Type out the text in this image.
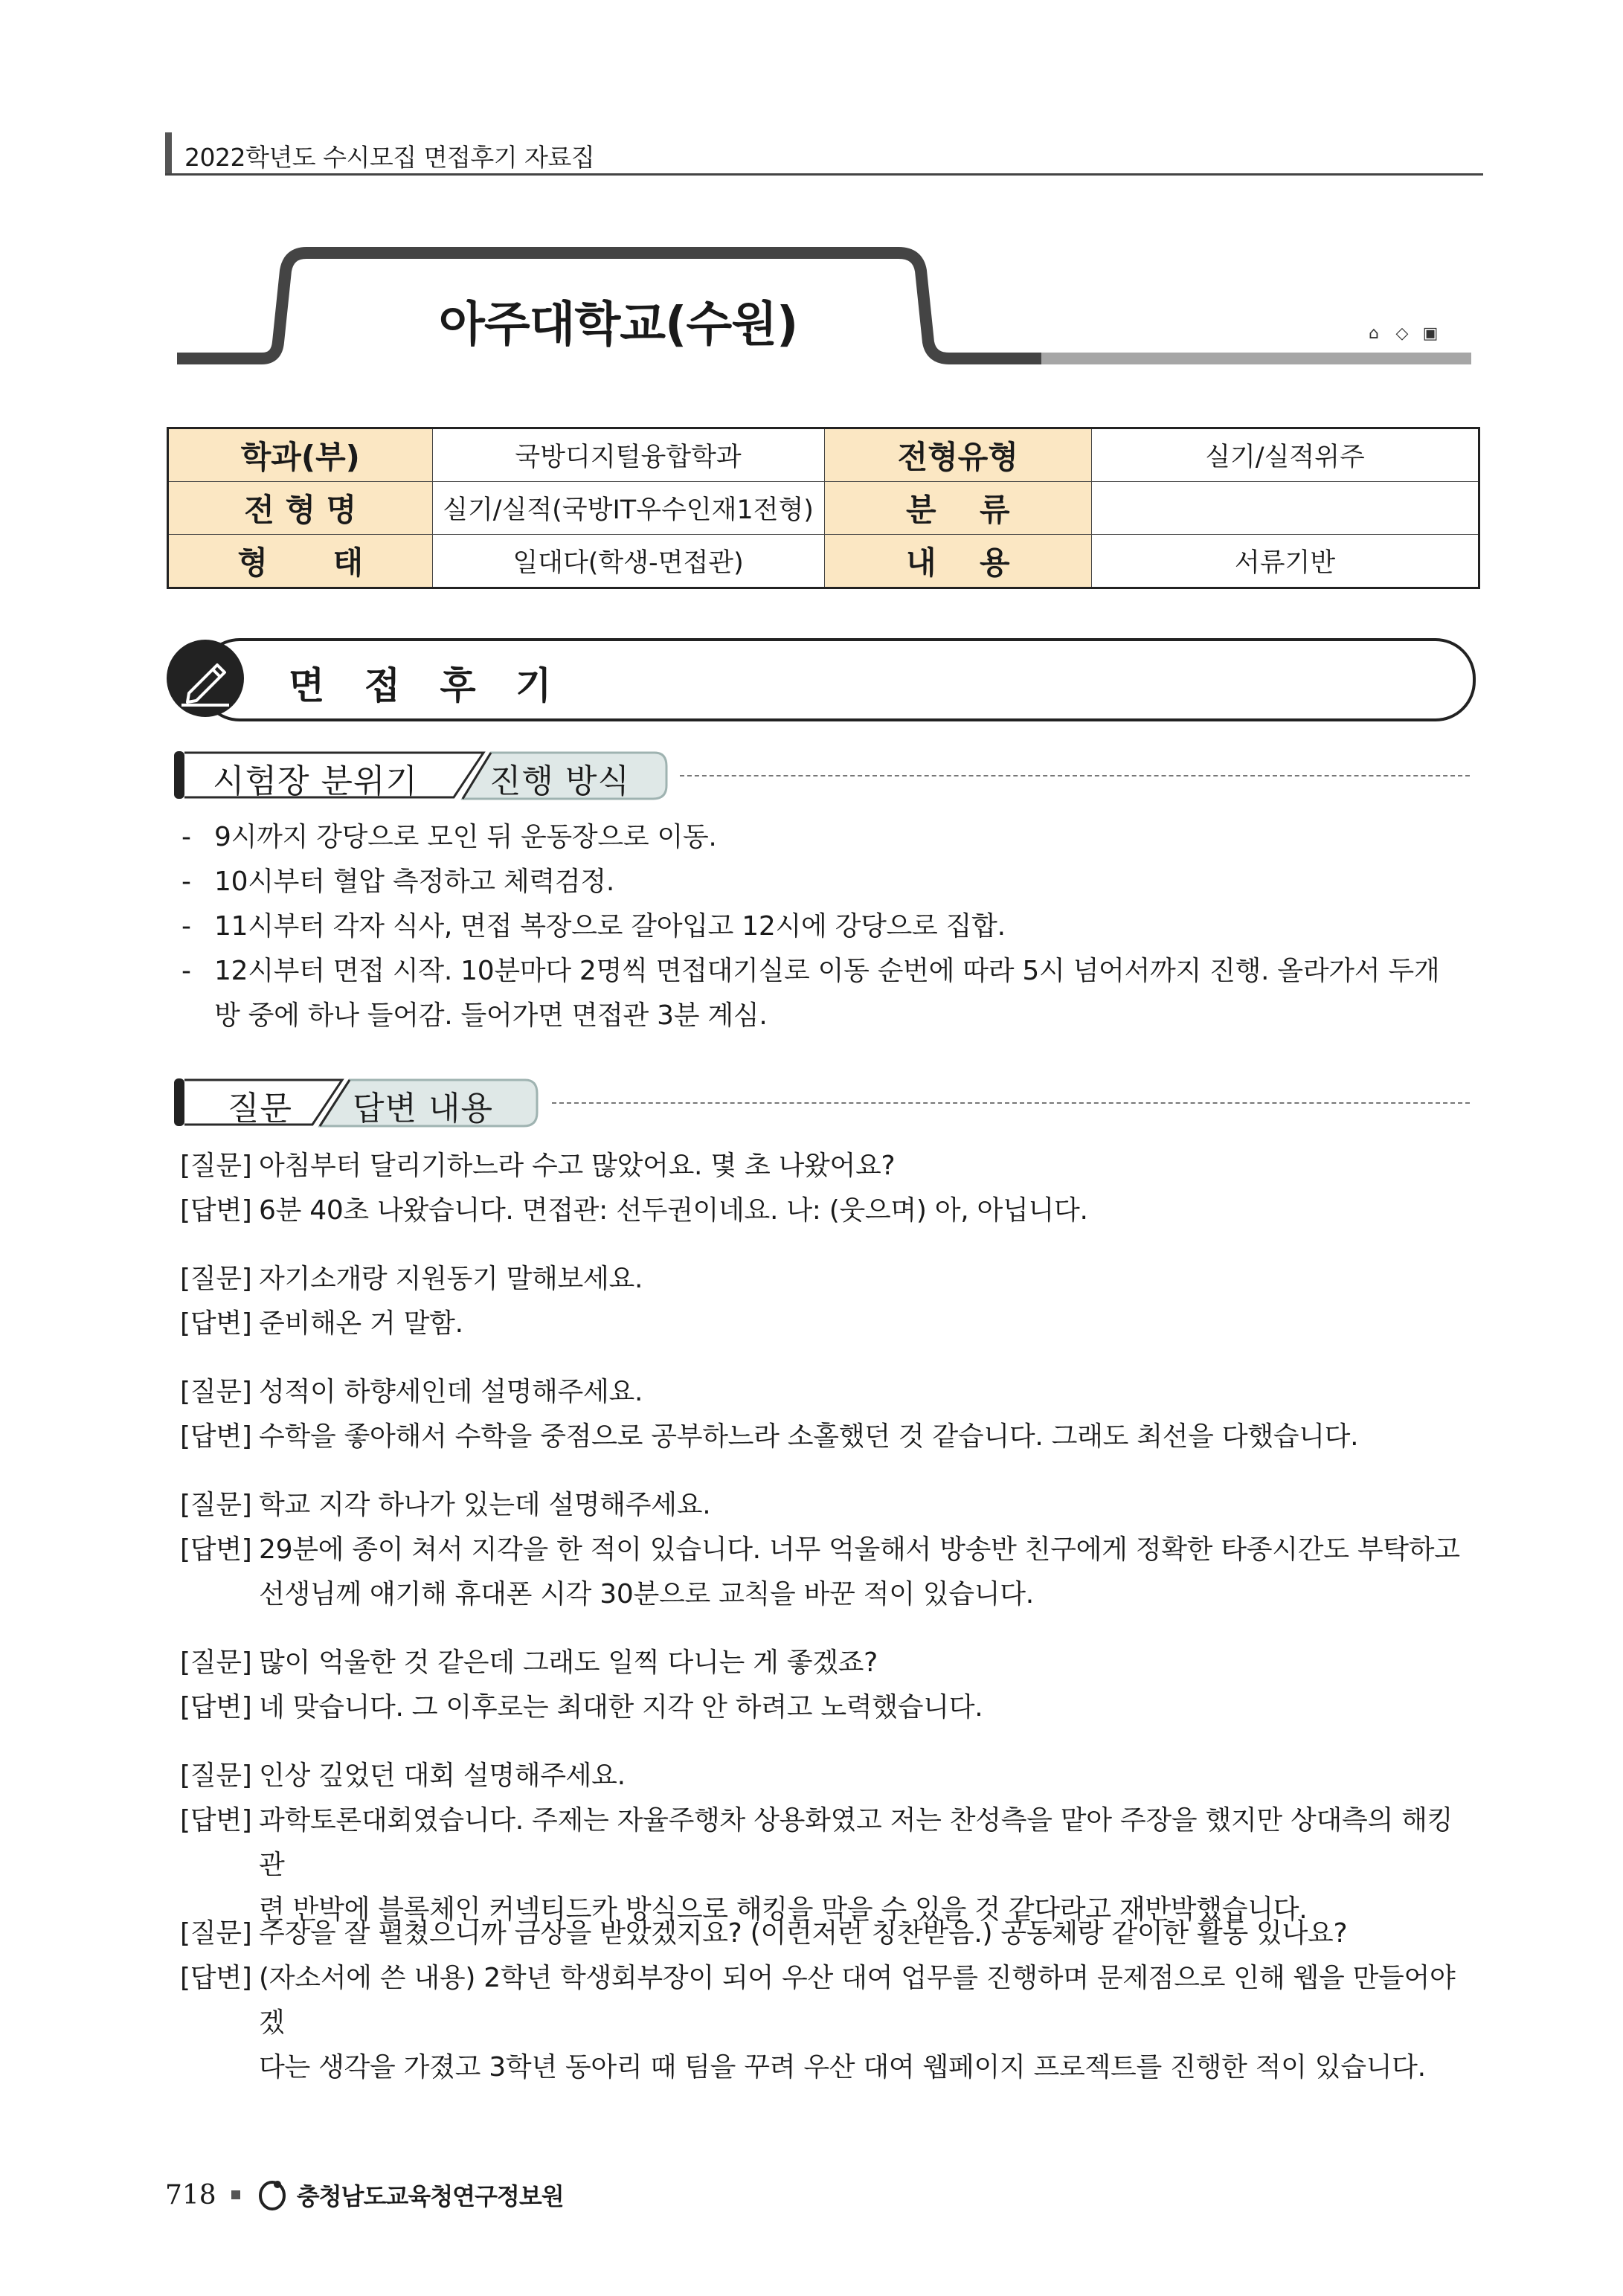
2022학년도 수시모집 면접후기 자료집
아주대학교(수원)	⌂ ◇ ▣
학과(부)	국방디지털융합학과	전형유형	실기/실적위주
전 형 명	실기/실적(국방IT우수인재1전형)	분    류	
형      태	일대다(학생-면접관)	내    용	서류기반
면 접 후 기
시험장 분위기 진행 방식
- 9시까지 강당으로 모인 뒤 운동장으로 이동.
- 10시부터 혈압 측정하고 체력검정.
- 11시부터 각자 식사, 면접 복장으로 갈아입고 12시에 강당으로 집합.
- 12시부터 면접 시작. 10분마다 2명씩 면접대기실로 이동 순번에 따라 5시 넘어서까지 진행. 올라가서 두개
방 중에 하나 들어감. 들어가면 면접관 3분 계심.
질문 답변 내용
[질문] 아침부터 달리기하느라 수고 많았어요. 몇 초 나왔어요?
[답변] 6분 40초 나왔습니다. 면접관: 선두권이네요. 나: (웃으며) 아, 아닙니다.
[질문] 자기소개랑 지원동기 말해보세요.
[답변] 준비해온 거 말함.
[질문] 성적이 하향세인데 설명해주세요.
[답변] 수학을 좋아해서 수학을 중점으로 공부하느라 소홀했던 것 같습니다. 그래도 최선을 다했습니다.
[질문] 학교 지각 하나가 있는데 설명해주세요.
[답변] 29분에 종이 쳐서 지각을 한 적이 있습니다. 너무 억울해서 방송반 친구에게 정확한 타종시간도 부탁하고
선생님께 얘기해 휴대폰 시각 30분으로 교칙을 바꾼 적이 있습니다.
[질문] 많이 억울한 것 같은데 그래도 일찍 다니는 게 좋겠죠?
[답변] 네 맞습니다. 그 이후로는 최대한 지각 안 하려고 노력했습니다.
[질문] 인상 깊었던 대회 설명해주세요.
[답변] 과학토론대회였습니다. 주제는 자율주행차 상용화였고 저는 찬성측을 맡아 주장을 했지만 상대측의 해킹 관
련 반박에 블록체인 커넥티드카 방식으로 해킹을 막을 수 있을 것 같다라고 재반박했습니다.
[질문] 주장을 잘 펼쳤으니까 금상을 받았겠지요? (이런저런 칭찬받음.) 공동체랑 같이한 활동 있나요?
[답변] (자소서에 쓴 내용) 2학년 학생회부장이 되어 우산 대여 업무를 진행하며 문제점으로 인해 웹을 만들어야겠
다는 생각을 가졌고 3학년 동아리 때 팀을 꾸려 우산 대여 웹페이지 프로젝트를 진행한 적이 있습니다.
718	충청남도교육청연구정보원
